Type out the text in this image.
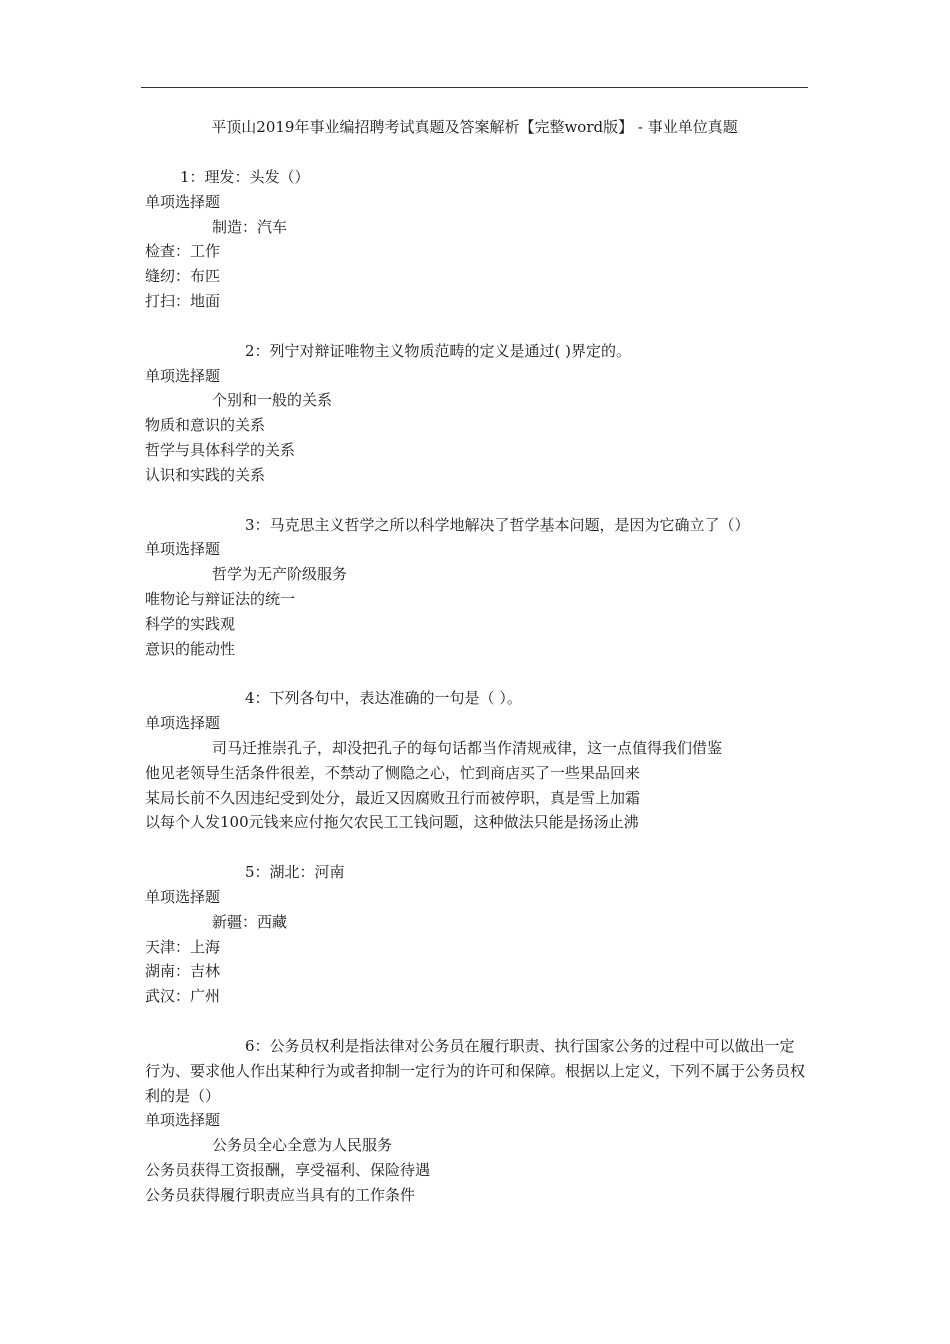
平顶山2019年事业编招聘考试真题及答案解析【完整word版】 - 事业单位真题
1：理发：头发（）
单项选择题
制造：汽车
检查：工作
缝纫：布匹
打扫：地面
2：列宁对辩证唯物主义物质范畴的定义是通过( )界定的。
单项选择题
个别和一般的关系
物质和意识的关系
哲学与具体科学的关系
认识和实践的关系
3：马克思主义哲学之所以科学地解决了哲学基本问题，是因为它确立了（）
单项选择题
哲学为无产阶级服务
唯物论与辩证法的统一
科学的实践观
意识的能动性
4：下列各句中，表达准确的一句是（ ）。
单项选择题
司马迁推崇孔子，却没把孔子的每句话都当作清规戒律，这一点值得我们借鉴
他见老领导生活条件很差，不禁动了恻隐之心，忙到商店买了一些果品回来
某局长前不久因违纪受到处分，最近又因腐败丑行而被停职，真是雪上加霜
以每个人发100元钱来应付拖欠农民工工钱问题，这种做法只能是扬汤止沸
5：湖北：河南
单项选择题
新疆：西藏
天津：上海
湖南：吉林
武汉：广州
6：公务员权利是指法律对公务员在履行职责、执行国家公务的过程中可以做出一定行为、要求他人作出某种行为或者抑制一定行为的许可和保障。根据以上定义，下列不属于公务员权利的是（）
单项选择题
公务员全心全意为人民服务
公务员获得工资报酬，享受福利、保险待遇
公务员获得履行职责应当具有的工作条件
